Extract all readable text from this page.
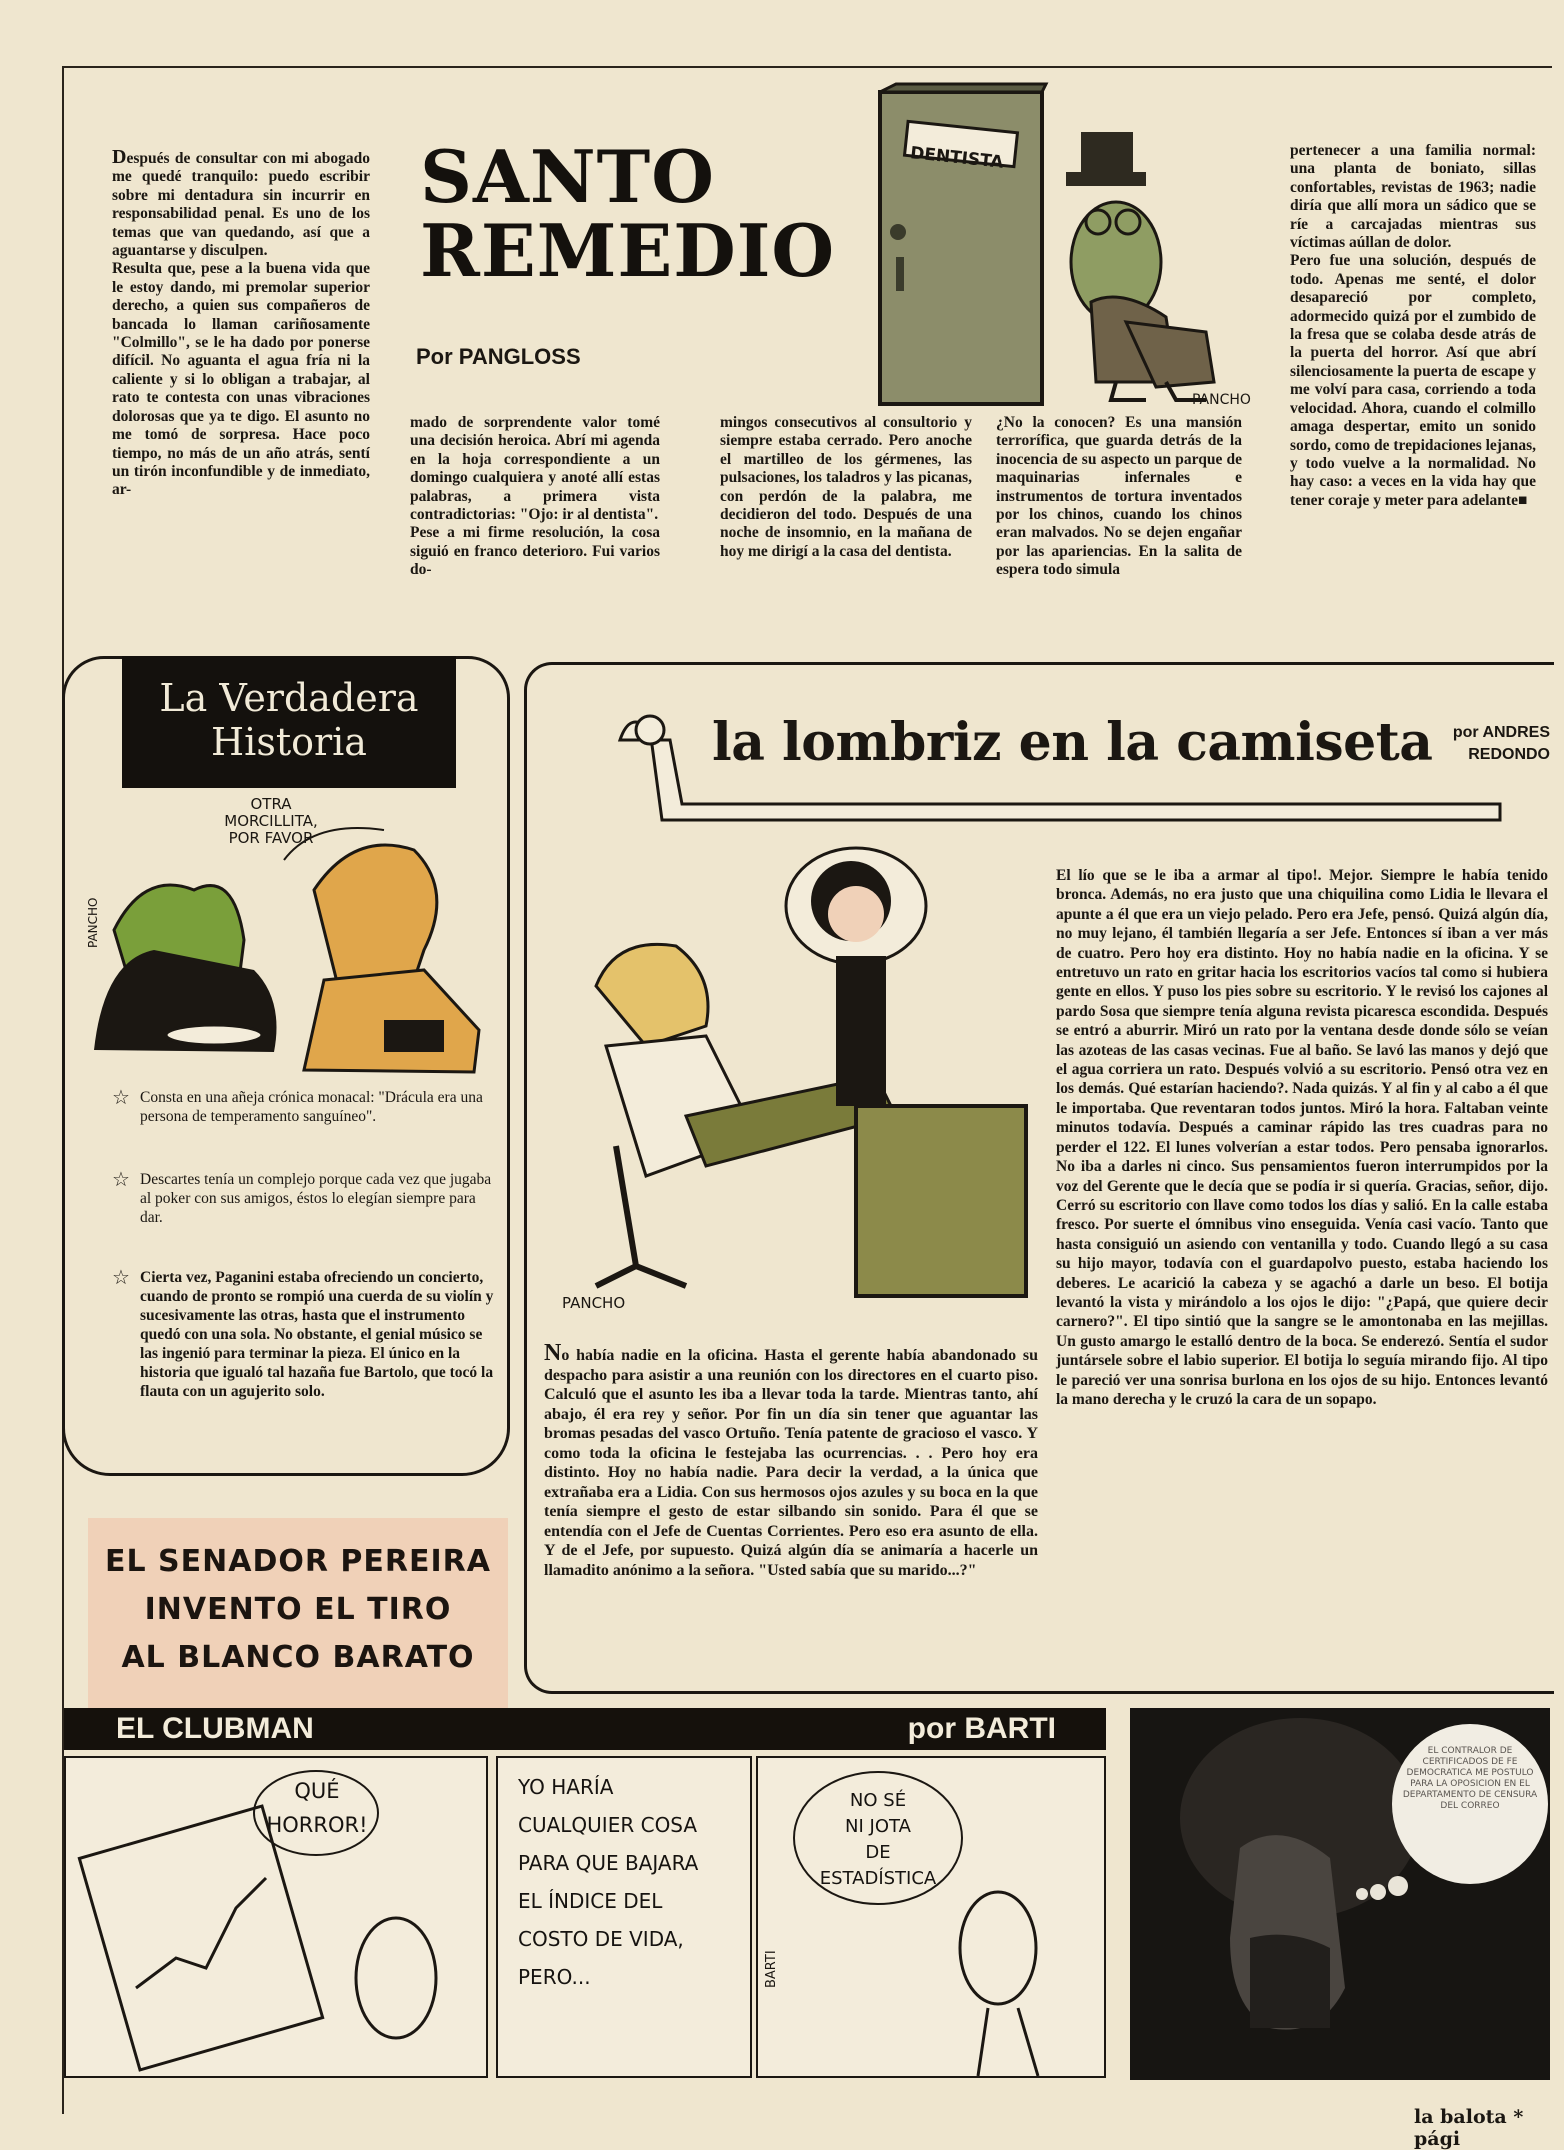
SANTO
REMEDIO
Por PANGLOSS
Después de consultar con mi abogado me quedé tranquilo: puedo escribir sobre mi dentadura sin incurrir en responsabilidad penal. Es uno de los temas que van quedando, así que a aguantarse y disculpen.
Resulta que, pese a la buena vida que le estoy dando, mi premolar superior derecho, a quien sus compañeros de bancada lo llaman cariñosamente "Colmillo", se le ha dado por ponerse difícil. No aguanta el agua fría ni la caliente y si lo obligan a trabajar, al rato te contesta con unas vibraciones dolorosas que ya te digo. El asunto no me tomó de sorpresa. Hace poco tiempo, no más de un año atrás, sentí un tirón inconfundible y de inmediato, ar-
mado de sorprendente valor tomé una decisión heroica. Abrí mi agenda en la hoja correspondiente a un domingo cualquiera y anoté allí estas palabras, a primera vista contradictorias: "Ojo: ir al dentista".
Pese a mi firme resolución, la cosa siguió en franco deterioro. Fui varios do-
mingos consecutivos al consultorio y siempre estaba cerrado. Pero anoche el martilleo de los gérmenes, las pulsaciones, los taladros y las picanas, con perdón de la palabra, me decidieron del todo. Después de una noche de insomnio, en la mañana de hoy me dirigí a la casa del dentista.
¿No la conocen? Es una mansión terrorífica, que guarda detrás de la inocencia de su aspecto un parque de maquinarias infernales e instrumentos de tortura inventados por los chinos, cuando los chinos eran malvados. No se dejen engañar por las apariencias. En la salita de espera todo simula
pertenecer a una familia normal: una planta de boniato, sillas confortables, revistas de 1963; nadie diría que allí mora un sádico que se ríe a carcajadas mientras sus víctimas aúllan de dolor.
Pero fue una solución, después de todo. Apenas me senté, el dolor desapareció por completo, adormecido quizá por el zumbido de la fresa que se colaba desde atrás de la puerta del horror. Así que abrí silenciosamente la puerta de escape y me volví para casa, corriendo a toda velocidad. Ahora, cuando el colmillo amaga despertar, emito un sonido sordo, como de trepidaciones lejanas, y todo vuelve a la normalidad. No hay caso: a veces en la vida hay que tener coraje y meter para adelante■
DENTISTA
PANCHO
La Verdadera
Historia
OTRA
MORCILLITA,
POR FAVOR
PANCHO
☆ Consta en una añeja crónica monacal: "Drácula era una persona de temperamento sanguíneo".
☆ Descartes tenía un complejo porque cada vez que jugaba al poker con sus amigos, éstos lo elegían siempre para dar.
☆ Cierta vez, Paganini estaba ofreciendo un concierto, cuando de pronto se rompió una cuerda de su violín y sucesivamente las otras, hasta que el instrumento quedó con una sola. No obstante, el genial músico se las ingenió para terminar la pieza. El único en la historia que igualó tal hazaña fue Bartolo, que tocó la flauta con un agujerito solo.
EL SENADOR PEREIRA
INVENTO EL TIRO
AL BLANCO BARATO
la lombriz en la camiseta	por ANDRES
REDONDO
PANCHO
No había nadie en la oficina. Hasta el gerente había abandonado su despacho para asistir a una reunión con los directores en el cuarto piso. Calculó que el asunto les iba a llevar toda la tarde. Mientras tanto, ahí abajo, él era rey y señor. Por fin un día sin tener que aguantar las bromas pesadas del vasco Ortuño. Tenía patente de gracioso el vasco. Y como toda la oficina le festejaba las ocurrencias. . . Pero hoy era distinto. Hoy no había nadie. Para decir la verdad, a la única que extrañaba era a Lidia. Con sus hermosos ojos azules y su boca en la que tenía siempre el gesto de estar silbando sin sonido. Para él que se entendía con el Jefe de Cuentas Corrientes. Pero eso era asunto de ella. Y de el Jefe, por supuesto. Quizá algún día se animaría a hacerle un llamadito anónimo a la señora. "Usted sabía que su marido...?"
El lío que se le iba a armar al tipo!. Mejor. Siempre le había tenido bronca. Además, no era justo que una chiquilina como Lidia le llevara el apunte a él que era un viejo pelado. Pero era Jefe, pensó. Quizá algún día, no muy lejano, él también llegaría a ser Jefe. Entonces sí iban a ver más de cuatro. Pero hoy era distinto. Hoy no había nadie en la oficina. Y se entretuvo un rato en gritar hacia los escritorios vacíos tal como si hubiera gente en ellos. Y puso los pies sobre su escritorio. Y le revisó los cajones al pardo Sosa que siempre tenía alguna revista picaresca escondida. Después se entró a aburrir. Miró un rato por la ventana desde donde sólo se veían las azoteas de las casas vecinas. Fue al baño. Se lavó las manos y dejó que el agua corriera un rato. Después volvió a su escritorio. Pensó otra vez en los demás. Qué estarían haciendo?. Nada quizás. Y al fin y al cabo a él que le importaba. Que reventaran todos juntos. Miró la hora. Faltaban veinte minutos todavía. Después a caminar rápido las tres cuadras para no perder el 122. El lunes volverían a estar todos. Pero pensaba ignorarlos. No iba a darles ni cinco. Sus pensamientos fueron interrumpidos por la voz del Gerente que le decía que se podía ir si quería. Gracias, señor, dijo. Cerró su escritorio con llave como todos los días y salió. En la calle estaba fresco. Por suerte el ómnibus vino enseguida. Venía casi vacío. Tanto que hasta consiguió un asiendo con ventanilla y todo. Cuando llegó a su casa su hijo mayor, todavía con el guardapolvo puesto, estaba haciendo los deberes. Le acarició la cabeza y se agachó a darle un beso. El botija levantó la vista y mirándolo a los ojos le dijo: "¿Papá, que quiere decir carnero?". El tipo sintió que la sangre se le amontonaba en las mejillas. Un gusto amargo le estalló dentro de la boca. Se enderezó. Sentía el sudor juntársele sobre el labio superior. El botija lo seguía mirando fijo. Al tipo le pareció ver una sonrisa burlona en los ojos de su hijo. Entonces levantó la mano derecha y le cruzó la cara de un sopapo.
EL CLUBMAN	por BARTI
QUÉ
HORROR!
YO HARÍA
CUALQUIER COSA
PARA QUE BAJARA
EL ÍNDICE DEL
COSTO DE VIDA,
PERO...
NO SÉ
NI JOTA
DE
ESTADÍSTICA
BARTI
EL CONTRALOR DE CERTIFICADOS DE FE DEMOCRATICA ME POSTULO PARA LA OPOSICION EN EL DEPARTAMENTO DE CENSURA DEL CORREO
la balota * pági
